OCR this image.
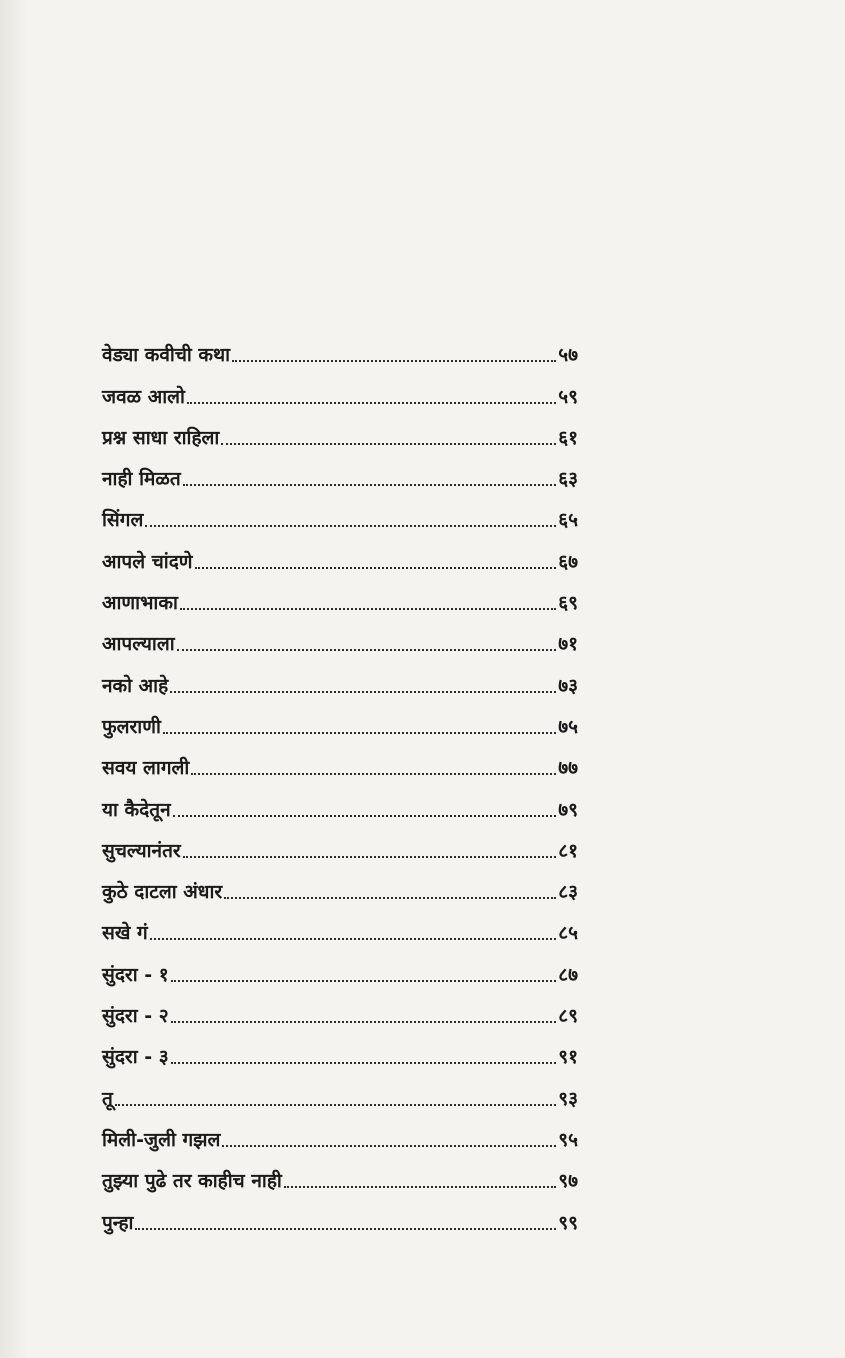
वेड्या कवीची कथा	५७
जवळ आलो	५९
प्रश्न साधा राहिला	६१
नाही मिळत	६३
सिंगल	६५
आपले चांदणे	६७
आणाभाका	६९
आपल्याला	७१
नको आहे	७३
फुलराणी	७५
सवय लागली	७७
या कैदेतून	७९
सुचल्यानंतर	८१
कुठे दाटला अंधार	८३
सखे गं	८५
सुंदरा - १	८७
सुंदरा - २	८९
सुंदरा - ३	९१
तू	९३
मिली-जुली गझल	९५
तुझ्या पुढे तर काहीच नाही	९७
पुन्हा	९९
